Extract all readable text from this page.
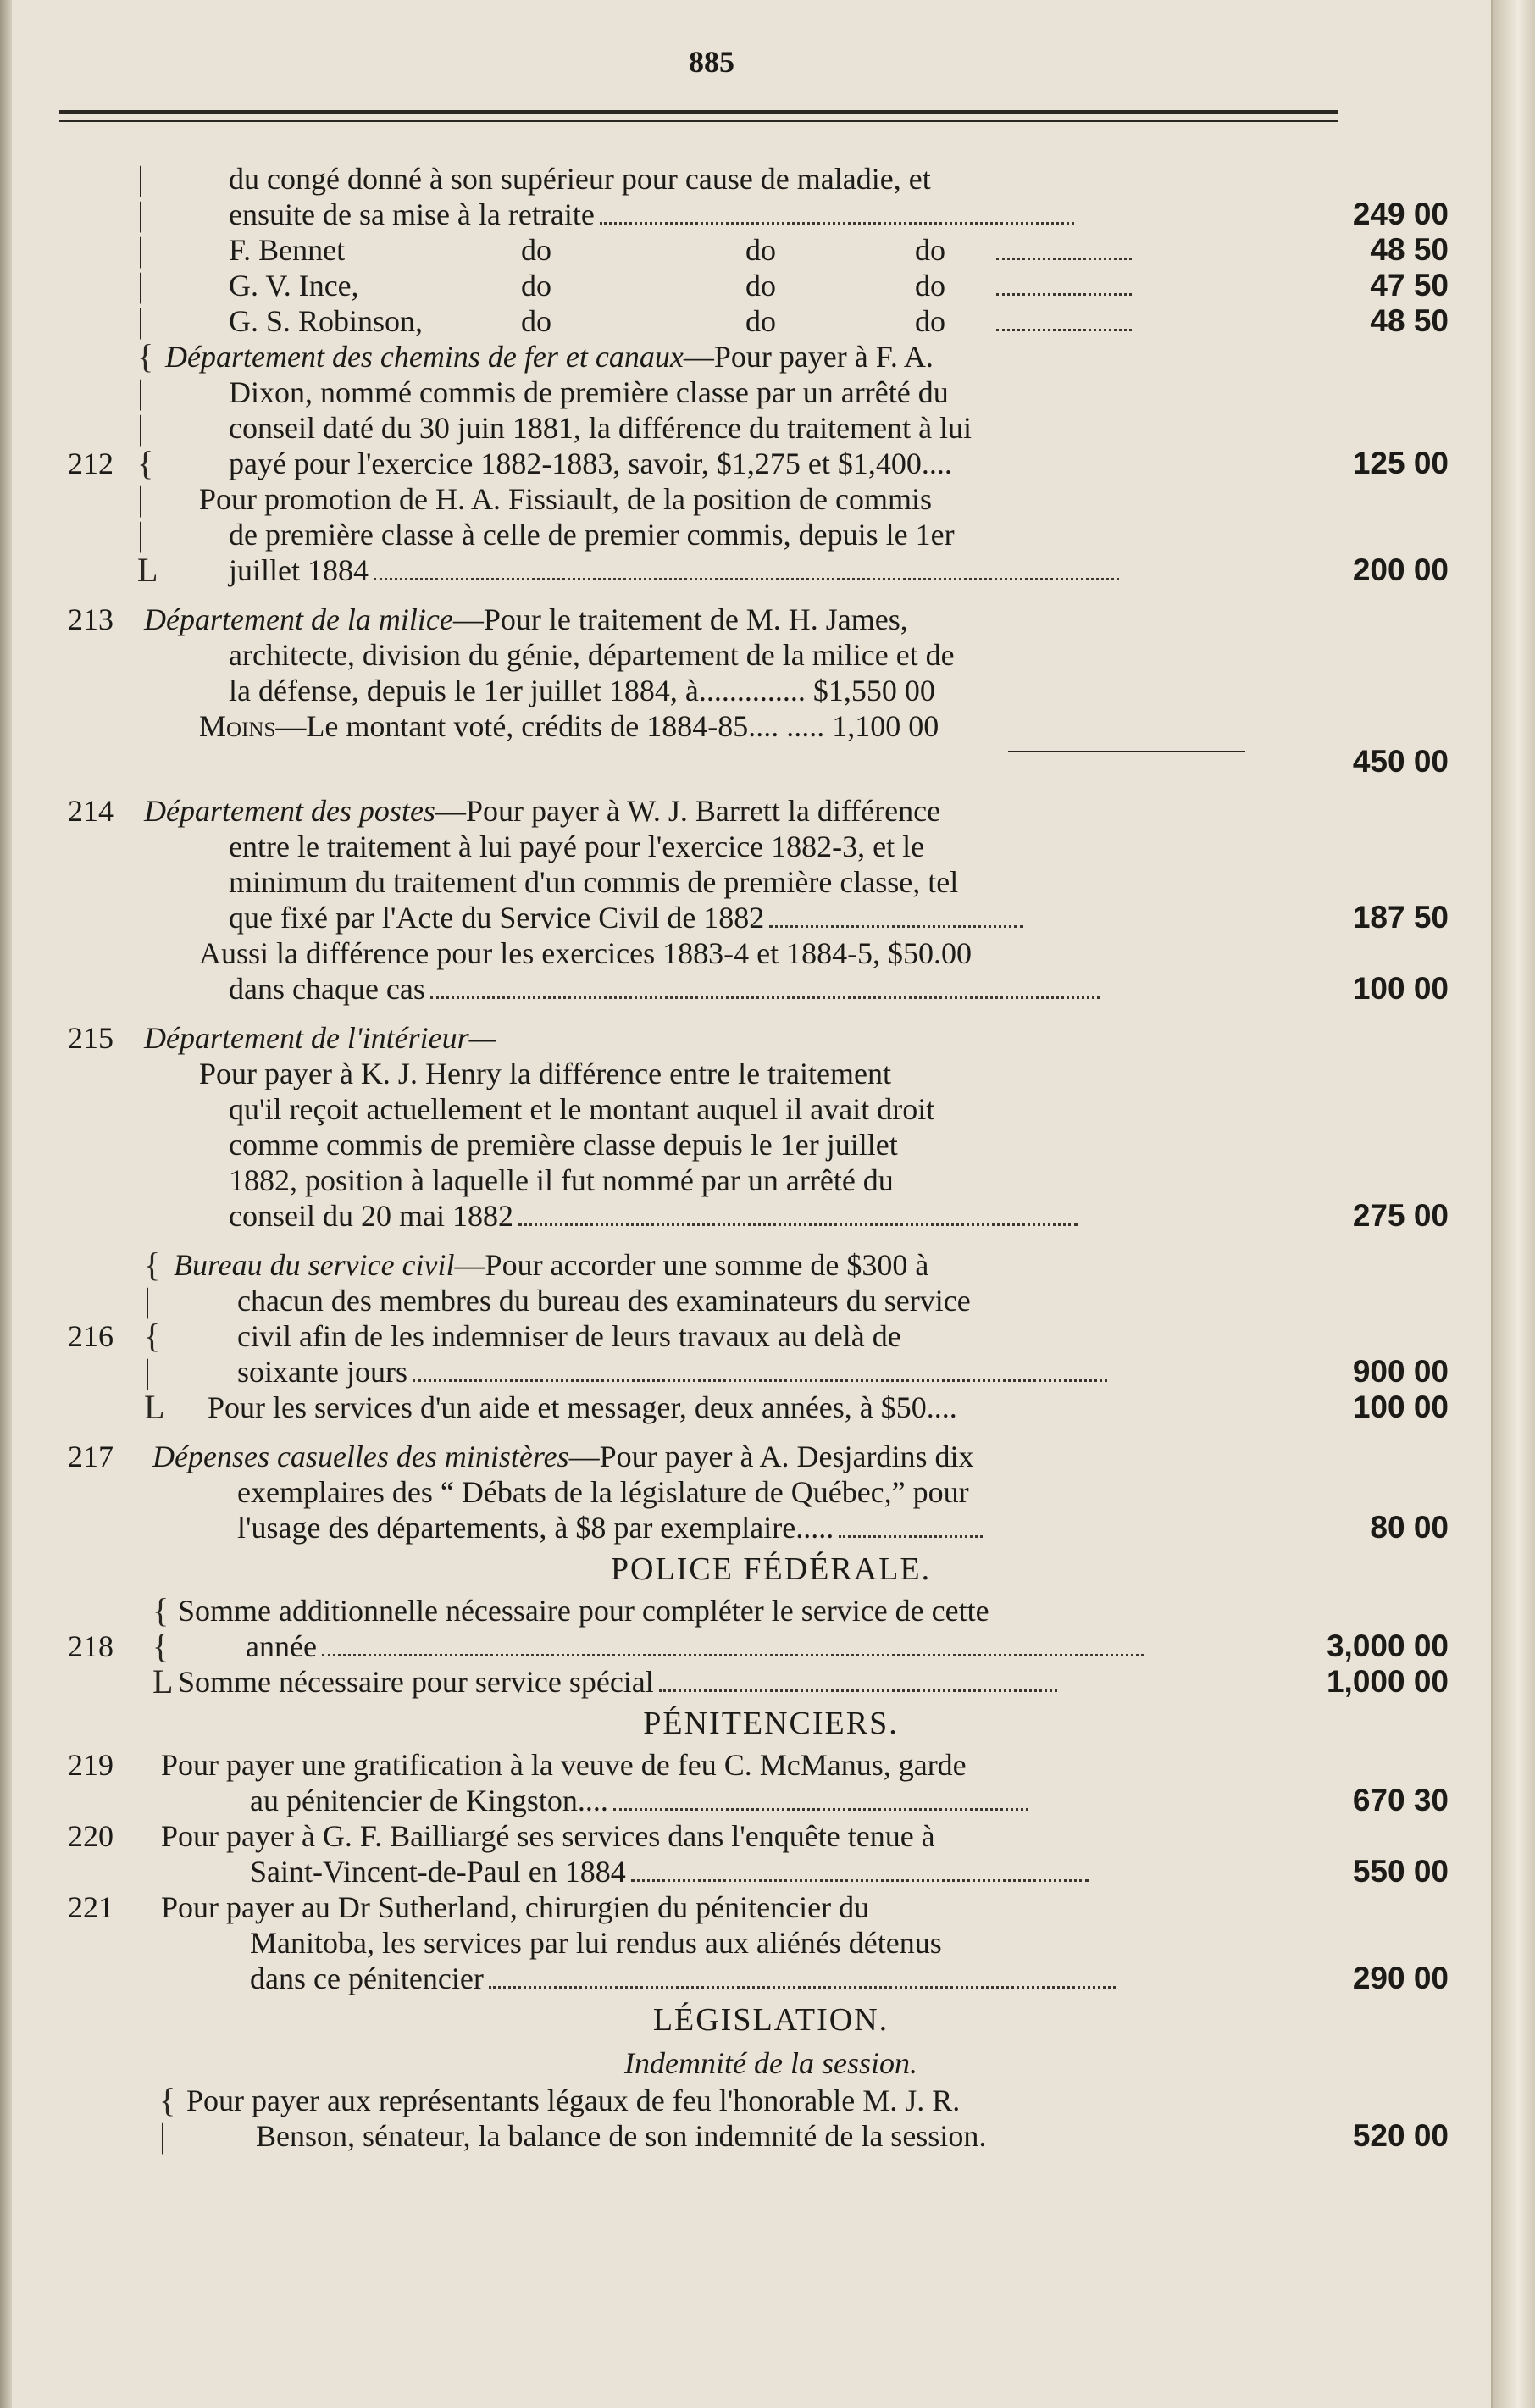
885
|	du congé donné à son supérieur pour cause de maladie, et
|	ensuite de sa mise à la retraite	249 00
|	F. Bennet	do	do	do	48 50
|	G. V. Ince,	do	do	do	47 50
|	G. S. Robinson,	do	do	do	48 50
{ Département des chemins de fer et canaux—Pour payer à F. A.
|	Dixon, nommé commis de première classe par un arrêté du
|	conseil daté du 30 juin 1881, la différence du traitement à lui
212 { payé pour l'exercice 1882-1883, savoir, $1,275 et $1,400....	125 00
| Pour promotion de H. A. Fissiault, de la position de commis
|	de première classe à celle de premier commis, depuis le 1er
L juillet 1884	200 00
213 Département de la milice—Pour le traitement de M. H. James,
architecte, division du génie, département de la milice et de
la défense, depuis le 1er juillet 1884, à.............. $1,550 00
Moins—Le montant voté, crédits de 1884-85.... ..... 1,100 00
450 00
214 Département des postes—Pour payer à W. J. Barrett la différence
entre le traitement à lui payé pour l'exercice 1882-3, et le
minimum du traitement d'un commis de première classe, tel
que fixé par l'Acte du Service Civil de 1882	187 50
Aussi la différence pour les exercices 1883-4 et 1884-5, $50.00
dans chaque cas	100 00
215 Département de l'intérieur—
Pour payer à K. J. Henry la différence entre le traitement
qu'il reçoit actuellement et le montant auquel il avait droit
comme commis de première classe depuis le 1er juillet
1882, position à laquelle il fut nommé par un arrêté du
conseil du 20 mai 1882	275 00
{ Bureau du service civil—Pour accorder une somme de $300 à
|	chacun des membres du bureau des examinateurs du service
216 {	civil afin de les indemniser de leurs travaux au delà de
|	soixante jours	900 00
L Pour les services d'un aide et messager, deux années, à $50....	100 00
217 Dépenses casuelles des ministères—Pour payer à A. Desjardins dix
exemplaires des “ Débats de la législature de Québec,” pour
l'usage des départements, à $8 par exemplaire.....	80 00
POLICE FÉDÉRALE.
{ Somme additionnelle nécessaire pour compléter le service de cette
218 {	année	3,000 00
L Somme nécessaire pour service spécial	1,000 00
PÉNITENCIERS.
219 Pour payer une gratification à la veuve de feu C. McManus, garde
au pénitencier de Kingston....	670 30
220 Pour payer à G. F. Bailliargé ses services dans l'enquête tenue à
Saint-Vincent-de-Paul en 1884	550 00
221 Pour payer au Dr Sutherland, chirurgien du pénitencier du
Manitoba, les services par lui rendus aux aliénés détenus
dans ce pénitencier	290 00
LÉGISLATION.
Indemnité de la session.
{ Pour payer aux représentants légaux de feu l'honorable M. J. R.
|	Benson, sénateur, la balance de son indemnité de la session.	520 00
